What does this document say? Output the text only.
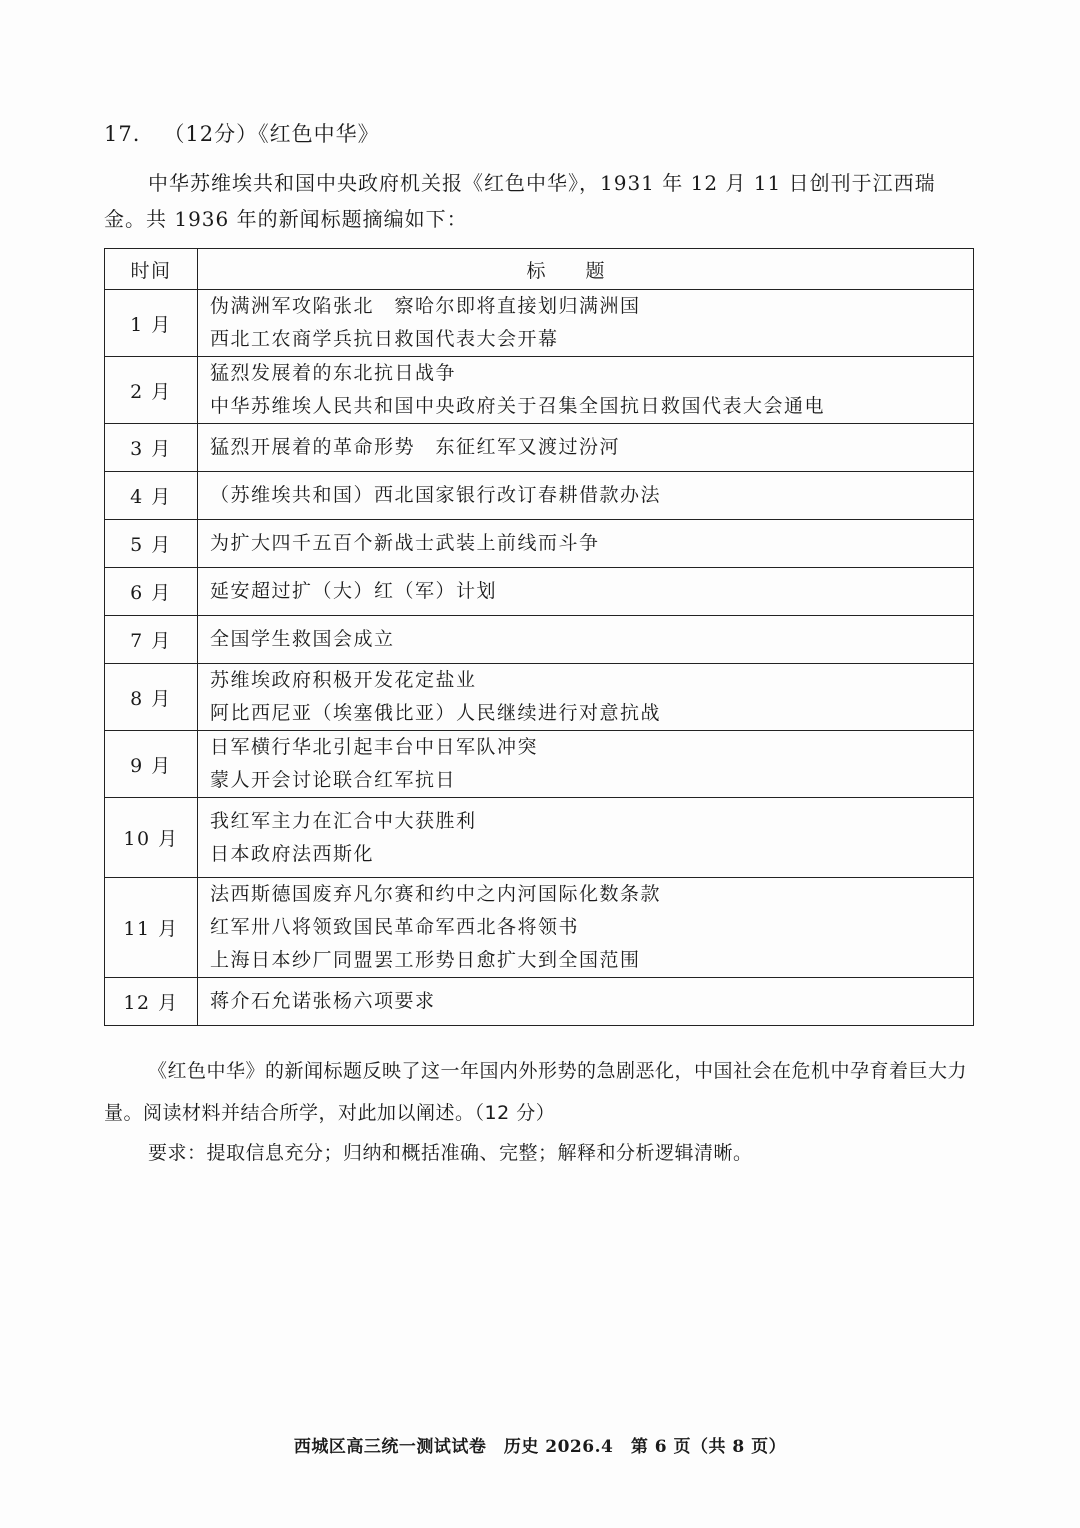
17. （12分）《红色中华》
中华苏维埃共和国中央政府机关报《红色中华》，1931 年 12 月 11 日创刊于江西瑞金。共 1936 年的新闻标题摘编如下：
时间	标题
1 月	伪满洲军攻陷张北　察哈尔即将直接划归满洲国
西北工农商学兵抗日救国代表大会开幕

2 月	猛烈发展着的东北抗日战争
中华苏维埃人民共和国中央政府关于召集全国抗日救国代表大会通电

3 月	猛烈开展着的革命形势　东征红军又渡过汾河

4 月	（苏维埃共和国）西北国家银行改订春耕借款办法

5 月	为扩大四千五百个新战士武装上前线而斗争

6 月	延安超过扩（大）红（军）计划

7 月	全国学生救国会成立

8 月	苏维埃政府积极开发花定盐业
阿比西尼亚（埃塞俄比亚）人民继续进行对意抗战

9 月	日军横行华北引起丰台中日军队冲突
蒙人开会讨论联合红军抗日

10 月	我红军主力在汇合中大获胜利
日本政府法西斯化

11 月	法西斯德国废弃凡尔赛和约中之内河国际化数条款
红军卅八将领致国民革命军西北各将领书
上海日本纱厂同盟罢工形势日愈扩大到全国范围

12 月	蒋介石允诺张杨六项要求
《红色中华》的新闻标题反映了这一年国内外形势的急剧恶化，中国社会在危机中孕育着巨大力量。阅读材料并结合所学，对此加以阐述。（12 分）
要求：提取信息充分；归纳和概括准确、完整；解释和分析逻辑清晰。
西城区高三统一测试试卷　历史 2026.4　第 6 页（共 8 页）
